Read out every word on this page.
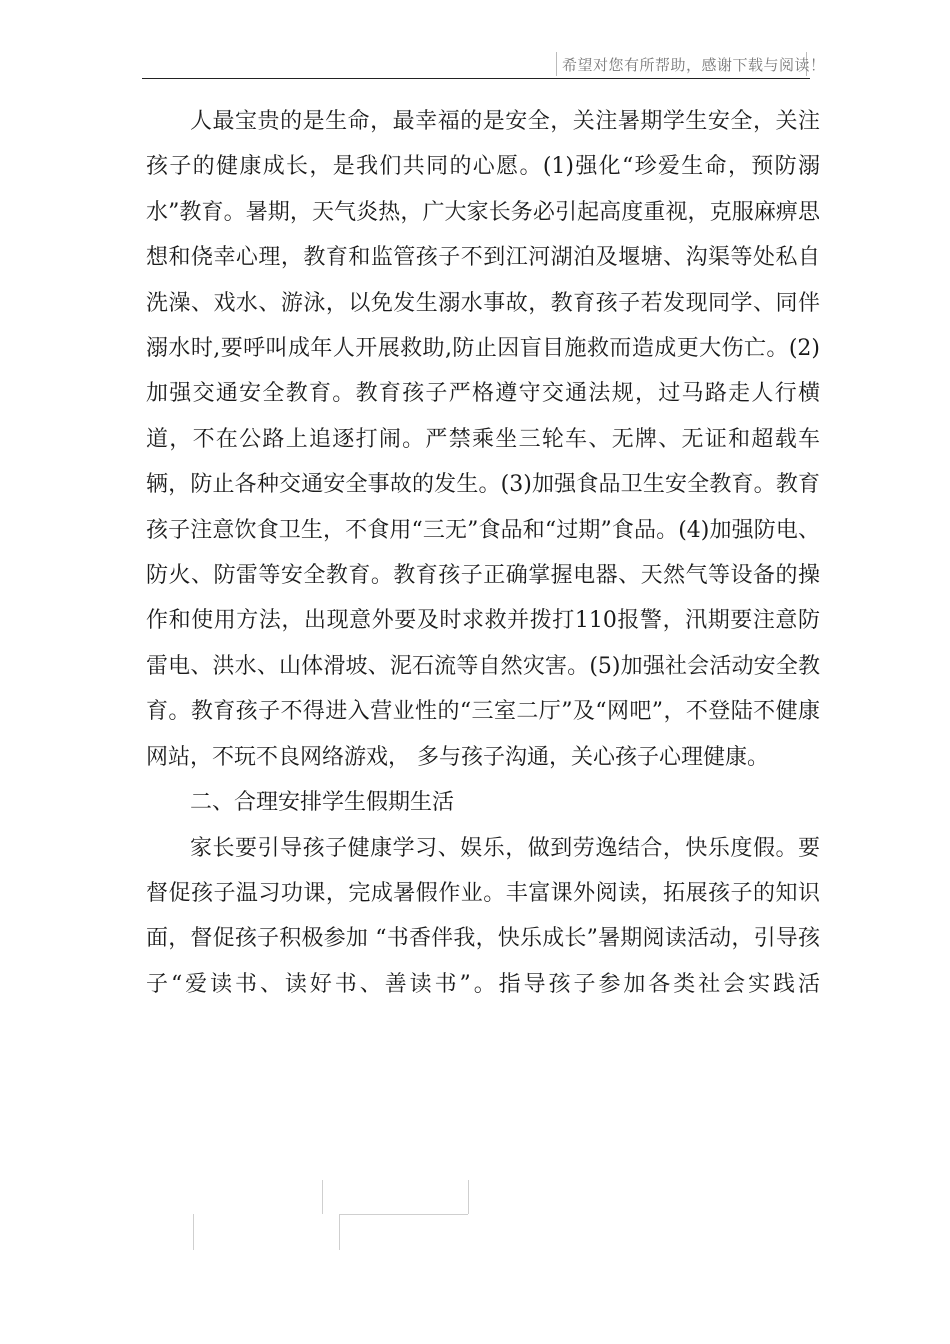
希望对您有所帮助，感谢下载与阅读！

人最宝贵的是生命，最幸福的是安全，关注暑期学生安全，关注孩子的健康成长，是我们共同的心愿。(1)强化“珍爱生命，预防溺水”教育。暑期，天气炎热，广大家长务必引起高度重视，克服麻痹思想和侥幸心理，教育和监管孩子不到江河湖泊及堰塘、沟渠等处私自洗澡、戏水、游泳，以免发生溺水事故，教育孩子若发现同学、同伴溺水时,要呼叫成年人开展救助,防止因盲目施救而造成更大伤亡。(2)加强交通安全教育。教育孩子严格遵守交通法规，过马路走人行横道，不在公路上追逐打闹。严禁乘坐三轮车、无牌、无证和超载车辆，防止各种交通安全事故的发生。(3)加强食品卫生安全教育。教育孩子注意饮食卫生，不食用“三无”食品和“过期”食品。(4)加强防电、防火、防雷等安全教育。教育孩子正确掌握电器、天然气等设备的操作和使用方法，出现意外要及时求救并拨打110报警，汛期要注意防雷电、洪水、山体滑坡、泥石流等自然灾害。(5)加强社会活动安全教育。教育孩子不得进入营业性的“三室二厅”及“网吧”，不登陆不健康网站，不玩不良网络游戏， 多与孩子沟通，关心孩子心理健康。

二、合理安排学生假期生活

家长要引导孩子健康学习、娱乐，做到劳逸结合，快乐度假。要督促孩子温习功课，完成暑假作业。丰富课外阅读，拓展孩子的知识面，督促孩子积极参加 “书香伴我，快乐成长”暑期阅读活动，引导孩子“爱读书、读好书、善读书”。指导孩子参加各类社会实践活
